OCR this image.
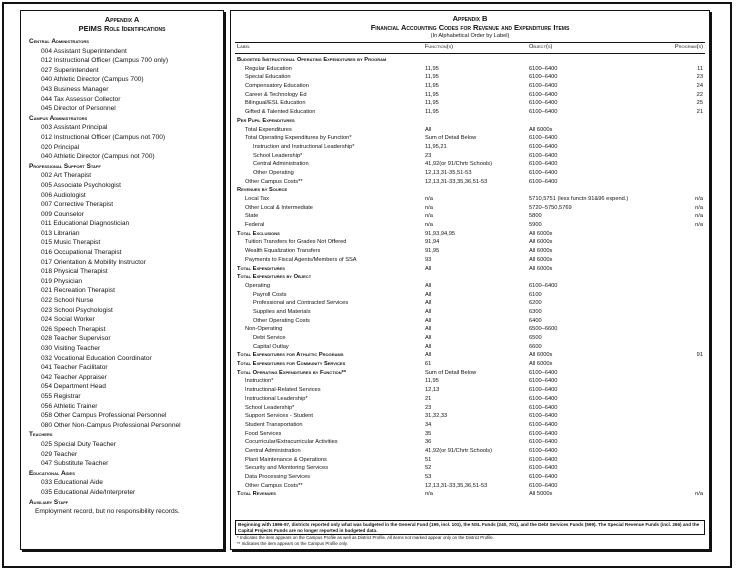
Appendix A
PEIMS Role Identifications
Central Administrators
004 Assistant Superintendent
012 Instructional Officer (Campus 700 only)
027 Superintendent
040 Athletic Director (Campus 700)
043 Business Manager
044 Tax Assessor Collector
045 Director of Personnel
Campus Administrators
003 Assistant Principal
012 Instructional Officer (Campus not 700)
020 Principal
040 Athletic Director (Campus not 700)
Professional Support Staff
002 Art Therapist
005 Associate Psychologist
006 Audiologist
007 Corrective Therapist
009 Counselor
011 Educational Diagnostician
013 Librarian
015 Music Therapist
016 Occupational Therapist
017 Orientation & Mobility Instructor
018 Physical Therapist
019 Physician
021 Recreation Therapist
022 School Nurse
023 School Psychologist
024 Social Worker
026 Speech Therapist
028 Teacher Supervisor
030 Visiting Teacher
032 Vocational Education Coordinator
041 Teacher Facilitator
042 Teacher Appraiser
054 Department Head
055 Registrar
056 Athletic Trainer
058 Other Campus Professional Personnel
080 Other Non-Campus Professional Personnel
Teachers
025 Special Duty Teacher
029 Teacher
047 Substitute Teacher
Educational Aides
033 Educational Aide
035 Educational Aide/Interpreter
Auxiliary Staff
Employment record, but no responsibility records.
Appendix B
Financial Accounting Codes for Revenue and Expenditure Items
(In Alphabetical Order by Label)
Label	Function(s)	Object(s)	Program(s)
Budgeted Instructional Operating Expenditures by Program
Regular Education	11,95	6100–6400	11
Special Education	11,95	6100–6400	23
Compensatory Education	11,95	6100–6400	24
Career & Technology Ed	11,95	6100–6400	22
Bilingual/ESL Education	11,95	6100–6400	25
Gifted & Talented Education	11,95	6100–6400	21
Per Pupil Expenditures
Total Expenditures	All	All 6000s
Total Operating Expenditures by Function*	Sum of Detail Below	6100–6400
Instruction and Instructional Leadership*	11,95,21	6100–6400
School Leadership*	23	6100–6400
Central Administration	41,92(or 91/Chrtr Schools)	6100–6400
Other Operating	12,13,31-35,51-53	6100–6400
Other Campus Costs**	12,13,31-33,35,36,51-53	6100–6400
Revenues by Source
Local Tax	n/a	5710,5751 (less functn 91&96 expend.)	n/a
Other Local & Intermediate	n/a	5720–5750,5769	n/a
State	n/a	5800	n/a
Federal	n/a	5900	n/a
Total Exclusions	91,93,94,95	All 6000s
Tuition Transfers for Grades Not Offered	91,94	All 6000s
Wealth Equalization Transfers	91,95	All 6000s
Payments to Fiscal Agents/Members of SSA	93	All 6000s
Total Expenditures	All	All 6000s
Total Expenditures by Object
Operating	All	6100–6400
Payroll Costs	All	6100
Professional and Contracted Services	All	6200
Supplies and Materials	All	6300
Other Operating Costs	All	6400
Non-Operating	All	6500–6600
Debt Service	All	6500
Capital Outlay	All	6600
Total Expenditures for Athletic Programs	All	All 6000s	91
Total Expenditures for Community Services	61	All 6000s
Total Operating Expenditures by Function**	Sum of Detail Below	6100–6400
Instruction*	11,95	6100–6400
Instructional-Related Services	12,13	6100–6400
Instructional Leadership*	21	6100–6400
School Leadership*	23	6100–6400
Support Services - Student	31,32,33	6100–6400
Student Transportation	34	6100–6400
Food Services	35	6100–6400
Cocurricular/Extracurricular Activities	36	6100–6400
Central Administration	41,92(or 91/Chrtr Schools)	6100–6400
Plant Maintenance & Operations	51	6100–6400
Security and Monitoring Services	52	6100–6400
Data Processing Services	53	6100–6400
Other Campus Costs**	12,13,31-33,35,36,51-53	6100–6400
Total Revenues	n/a	All 5000s	n/a
Beginning with 1996-97, districts reported only what was budgeted in the General Fund (199, incl. 101), the NSL Funds (240, 701), and the Debt Services Funds (599). The Special Revenue Funds (incl. 266) and the Capital Projects Funds are no longer reported in budgeted data.
* Indicates the item appears on the Campus Profile as well as District Profile. All items not marked appear only on the District Profile.
** Indicates the item appears on the Campus Profile only.
